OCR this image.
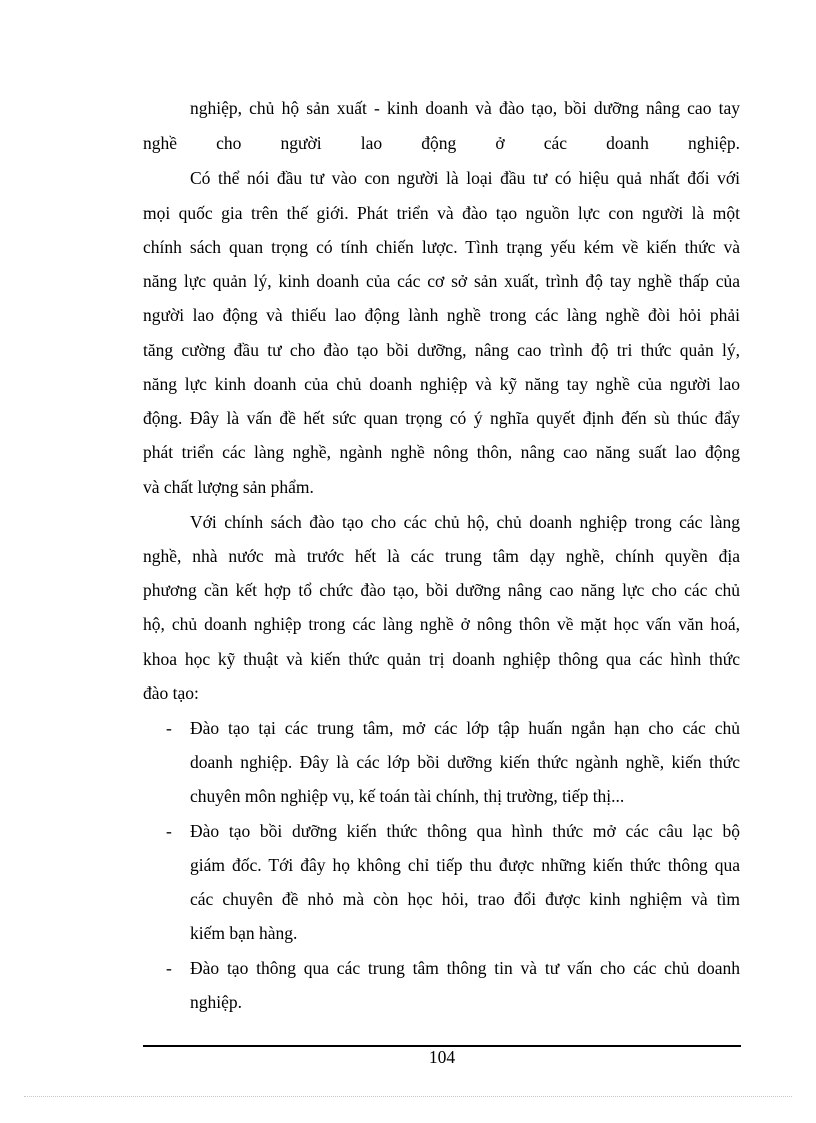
nghiệp, chủ hộ sản xuất - kinh doanh và đào tạo, bồi dưỡng nâng cao tay
nghề cho người lao động ở các doanh nghiệp.
Có thể nói đầu tư vào con người là loại đầu tư có hiệu quả nhất đối với
mọi quốc gia trên thế giới. Phát triển và đào tạo nguồn lực con người là một
chính sách quan trọng có tính chiến lược. Tình trạng yếu kém về kiến thức và
năng lực quản lý, kinh doanh của các cơ sở sản xuất, trình độ tay nghề thấp của
người lao động và thiếu lao động lành nghề trong các làng nghề đòi hỏi phải
tăng cường đầu tư cho đào tạo bồi dưỡng, nâng cao trình độ tri thức quản lý,
năng lực kinh doanh của chủ doanh nghiệp và kỹ năng tay nghề của người lao
động. Đây là vấn đề hết sức quan trọng có ý nghĩa quyết định đến sù thúc đẩy
phát triển các làng nghề, ngành nghề nông thôn, nâng cao năng suất lao động
và chất lượng sản phẩm.
Với chính sách đào tạo cho các chủ hộ, chủ doanh nghiệp trong các làng
nghề, nhà nước mà trước hết là các trung tâm dạy nghề, chính quyền địa
phương cần kết hợp tổ chức đào tạo, bồi dưỡng nâng cao năng lực cho các chủ
hộ, chủ doanh nghiệp trong các làng nghề ở nông thôn về mặt học vấn văn hoá,
khoa học kỹ thuật và kiến thức quản trị doanh nghiệp thông qua các hình thức
đào tạo:
- Đào tạo tại các trung tâm, mở các lớp tập huấn ngắn hạn cho các chủ
doanh nghiệp. Đây là các lớp bồi dưỡng kiến thức ngành nghề, kiến thức
chuyên môn nghiệp vụ, kế toán tài chính, thị trường, tiếp thị...
- Đào tạo bồi dưỡng kiến thức thông qua hình thức mở các câu lạc bộ
giám đốc. Tới đây họ không chỉ tiếp thu được những kiến thức thông qua
các chuyên đề nhỏ mà còn học hỏi, trao đổi được kinh nghiệm và tìm
kiếm bạn hàng.
- Đào tạo thông qua các trung tâm thông tin và tư vấn cho các chủ doanh
nghiệp.
104
